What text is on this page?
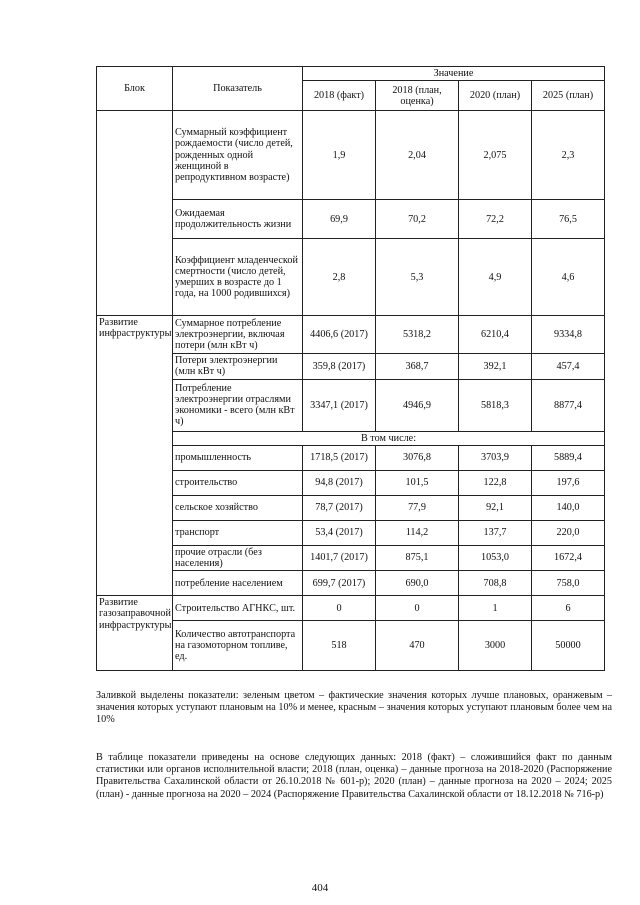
Блок	Показатель	Значение			
		2018 (факт)	2018 (план, оценка)	2020 (план)	2025 (план)
	Суммарный коэффициент рождаемости (число детей, рожденных одной женщиной в репродуктивном возрасте)	1,9	2,04	2,075	2,3
	Ожидаемая продолжительность жизни	69,9	70,2	72,2	76,5
	Коэффициент младенческой смертности (число детей, умерших в возрасте до 1 года, на 1000 родившихся)	2,8	5,3	4,9	4,6
Развитие инфраструктуры	Суммарное потребление электроэнергии, включая потери (млн кВт ч)	4406,6 (2017)	5318,2	6210,4	9334,8
	Потери электроэнергии (млн кВт ч)	359,8 (2017)	368,7	392,1	457,4
	Потребление электроэнергии отраслями экономики - всего (млн кВт ч)	3347,1 (2017)	4946,9	5818,3	8877,4
	В том числе:				
	промышленность	1718,5 (2017)	3076,8	3703,9	5889,4
	строительство	94,8 (2017)	101,5	122,8	197,6
	сельское хозяйство	78,7 (2017)	77,9	92,1	140,0
	транспорт	53,4 (2017)	114,2	137,7	220,0
	прочие отрасли (без населения)	1401,7 (2017)	875,1	1053,0	1672,4
	потребление населением	699,7 (2017)	690,0	708,8	758,0
Развитие газозаправочной инфраструктуры	Строительство АГНКС, шт.	0	0	1	6
	Количество автотранспорта на газомоторном топливе, ед.	518	470	3000	50000

Заливкой выделены показатели: зеленым цветом – фактические значения которых лучше плановых, оранжевым – значения которых уступают плановым на 10% и менее, красным – значения которых уступают плановым более чем на 10%

В таблице показатели приведены на основе следующих данных: 2018 (факт) – сложившийся факт по данным статистики или органов исполнительной власти; 2018 (план, оценка) – данные прогноза на 2018-2020 (Распоряжение Правительства Сахалинской области от 26.10.2018 № 601-р); 2020 (план) – данные прогноза на 2020 – 2024; 2025 (план) - данные прогноза на 2020 – 2024 (Распоряжение Правительства Сахалинской области от 18.12.2018 № 716-р)

404
